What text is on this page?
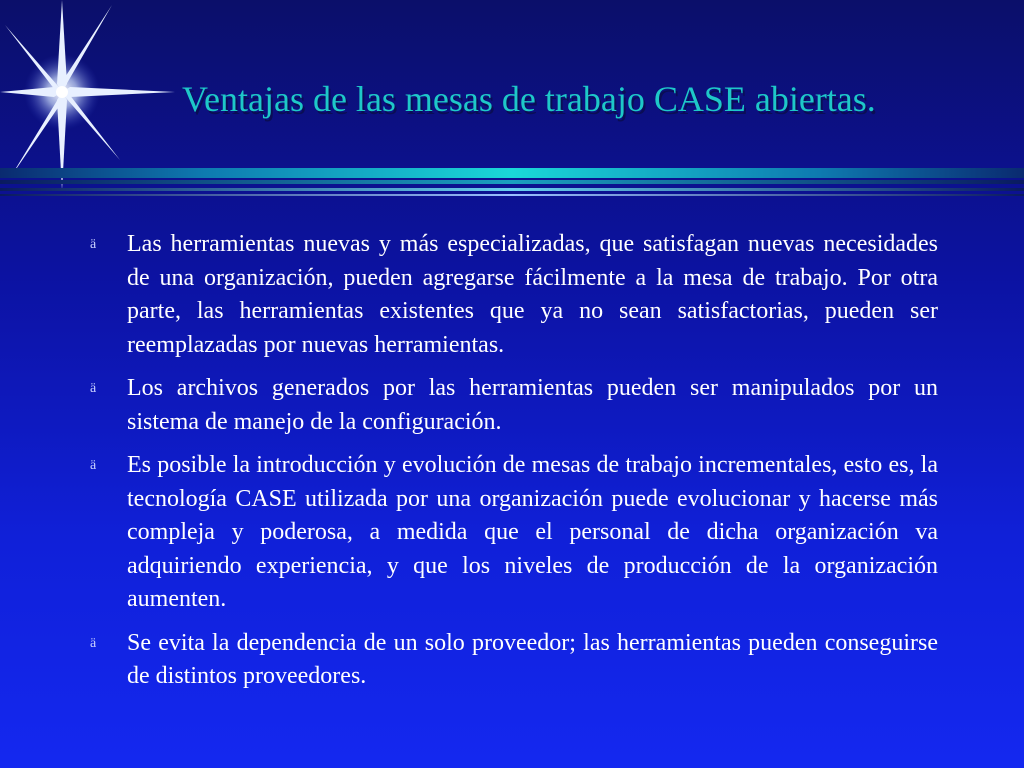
Ventajas de las mesas de trabajo CASE abiertas.
ä Las herramientas nuevas y más especializadas, que satisfagan nuevas necesidades de una organización, pueden agregarse fácilmente a la mesa de trabajo. Por otra parte, las herramientas existentes que ya no sean satisfactorias, pueden ser reemplazadas por nuevas herramientas.
ä Los archivos generados por las herramientas pueden ser manipulados por un sistema de manejo de la configuración.
ä Es posible la introducción y evolución de mesas de trabajo incrementales, esto es, la tecnología CASE utilizada por una organización puede evolucionar y hacerse más compleja y poderosa, a medida que el personal de dicha organización va adquiriendo experiencia, y que los niveles de producción de la organización aumenten.
ä Se evita la dependencia de un solo proveedor; las herramientas pueden conseguirse de distintos proveedores.
